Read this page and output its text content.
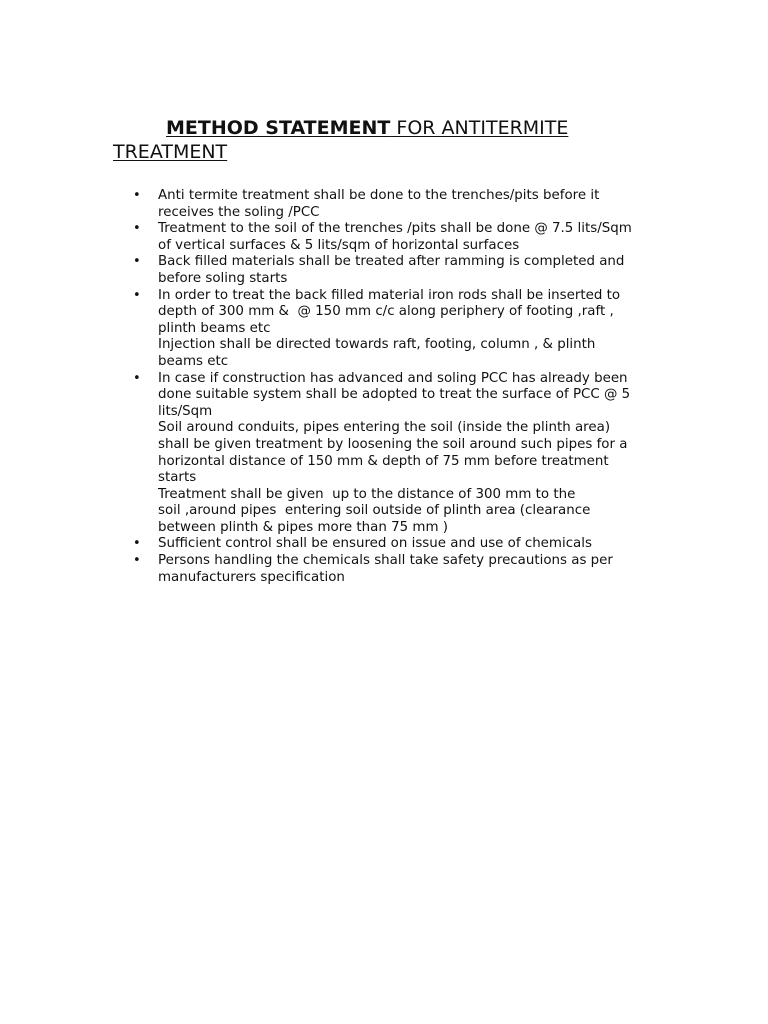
METHOD STATEMENT FOR ANTITERMITE TREATMENT
• Anti termite treatment shall be done to the trenches/pits before it
receives the soling /PCC
• Treatment to the soil of the trenches /pits shall be done @ 7.5 lits/Sqm
of vertical surfaces & 5 lits/sqm of horizontal surfaces
• Back filled materials shall be treated after ramming is completed and
before soling starts
• In order to treat the back filled material iron rods shall be inserted to
depth of 300 mm &  @ 150 mm c/c along periphery of footing ,raft ,
plinth beams etc
Injection shall be directed towards raft, footing, column , & plinth
beams etc
• In case if construction has advanced and soling PCC has already been
done suitable system shall be adopted to treat the surface of PCC @ 5
lits/Sqm
Soil around conduits, pipes entering the soil (inside the plinth area)
shall be given treatment by loosening the soil around such pipes for a
horizontal distance of 150 mm & depth of 75 mm before treatment
starts
Treatment shall be given  up to the distance of 300 mm to the
soil ,around pipes  entering soil outside of plinth area (clearance
between plinth & pipes more than 75 mm )
• Sufficient control shall be ensured on issue and use of chemicals
• Persons handling the chemicals shall take safety precautions as per
manufacturers specification
